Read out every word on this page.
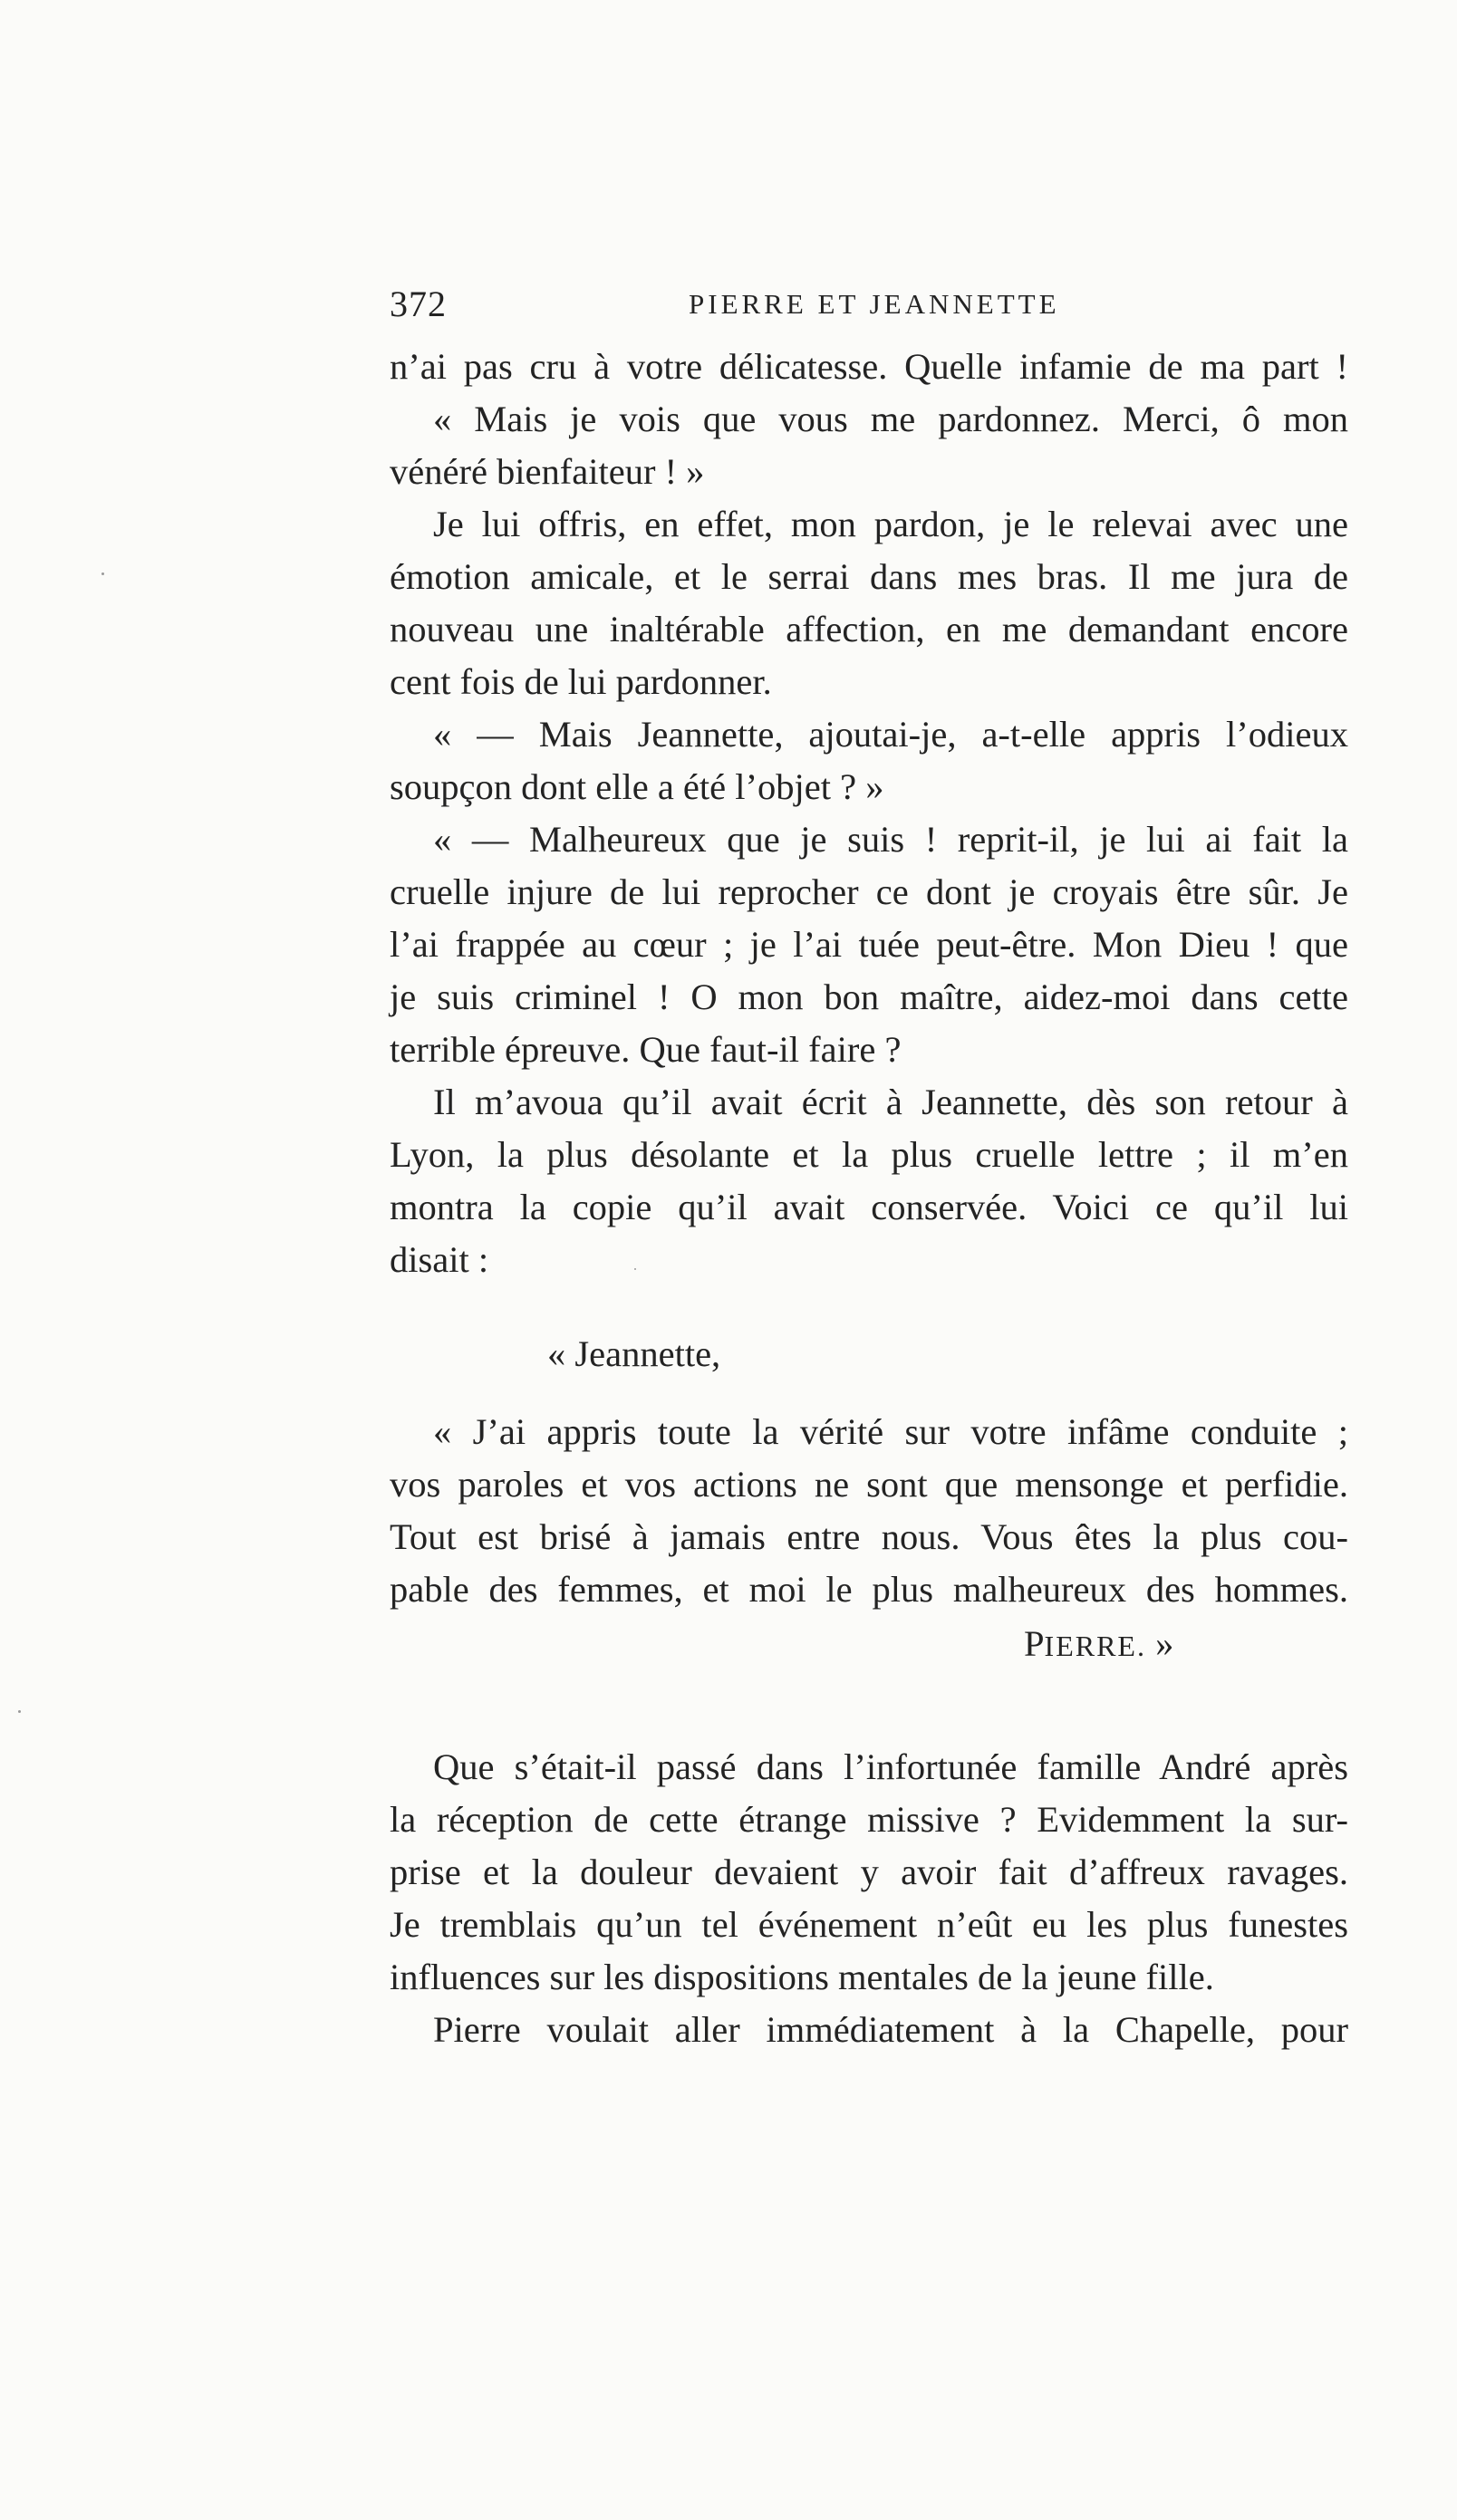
372	PIERRE ET JEANNETTE
n’ai pas cru à votre délicatesse. Quelle infamie de ma part !
« Mais je vois que vous me pardonnez. Merci, ô mon
vénéré bienfaiteur ! »
Je lui offris, en effet, mon pardon, je le relevai avec une
émotion amicale, et le serrai dans mes bras. Il me jura de
nouveau une inaltérable affection, en me demandant encore
cent fois de lui pardonner.
« — Mais Jeannette, ajoutai-je, a-t-elle appris l’odieux
soupçon dont elle a été l’objet ? »
« — Malheureux que je suis ! reprit-il, je lui ai fait la
cruelle injure de lui reprocher ce dont je croyais être sûr. Je
l’ai frappée au cœur ; je l’ai tuée peut-être. Mon Dieu ! que
je suis criminel ! O mon bon maître, aidez-moi dans cette
terrible épreuve. Que faut-il faire ?
Il m’avoua qu’il avait écrit à Jeannette, dès son retour à
Lyon, la plus désolante et la plus cruelle lettre ; il m’en
montra la copie qu’il avait conservée. Voici ce qu’il lui
disait :
« Jeannette,
« J’ai appris toute la vérité sur votre infâme conduite ;
vos paroles et vos actions ne sont que mensonge et perfidie.
Tout est brisé à jamais entre nous. Vous êtes la plus cou-
pable des femmes, et moi le plus malheureux des hommes.
PIERRE. »
Que s’était-il passé dans l’infortunée famille André après
la réception de cette étrange missive ? Evidemment la sur-
prise et la douleur devaient y avoir fait d’affreux ravages.
Je tremblais qu’un tel événement n’eût eu les plus funestes
influences sur les dispositions mentales de la jeune fille.
Pierre voulait aller immédiatement à la Chapelle, pour
